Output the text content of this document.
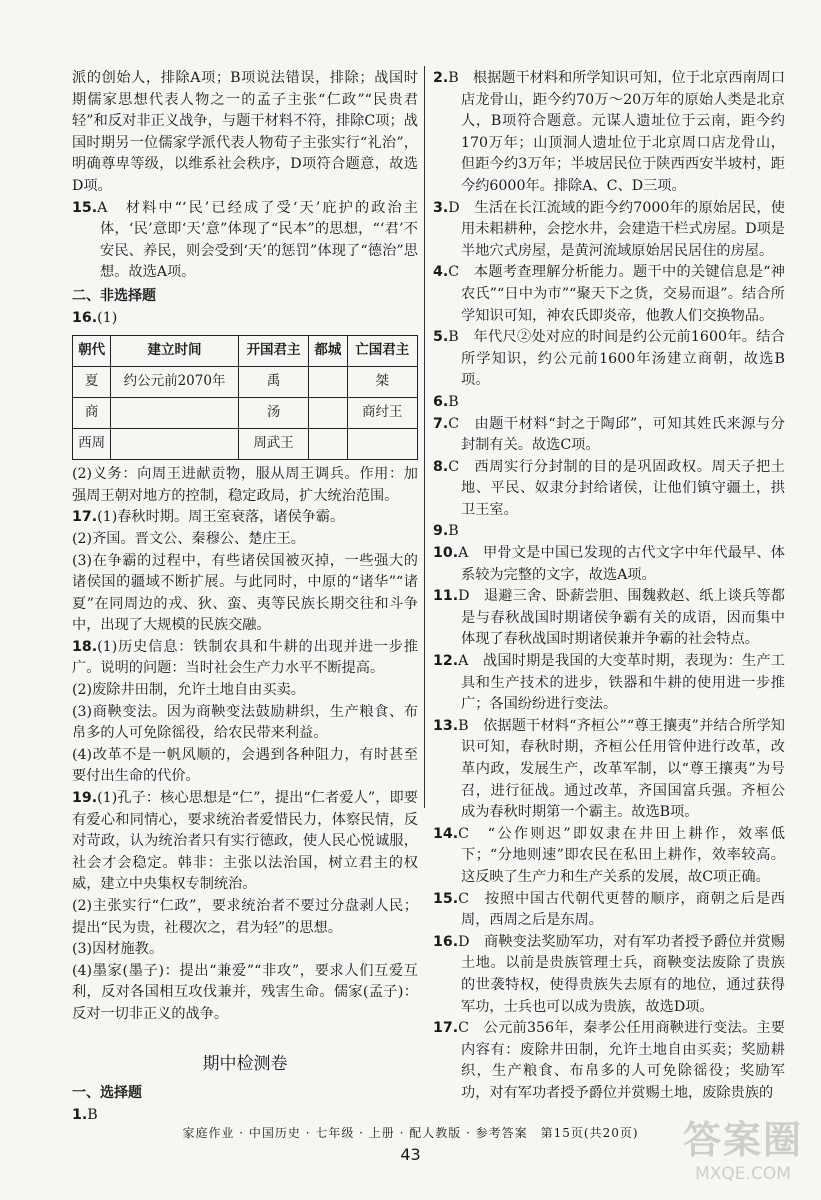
派的创始人，排除A项；B项说法错误，排除；战国时期儒家思想代表人物之一的孟子主张“仁政”“民贵君轻”和反对非正义战争，与题干材料不符，排除C项；战国时期另一位儒家学派代表人物荀子主张实行“礼治”，明确尊卑等级，以维系社会秩序，D项符合题意，故选D项。

15.A　材料中“‘民’已经成了受‘天’庇护的政治主体，‘民’意即‘天’意”体现了“民本”的思想，“‘君’不安民、养民，则会受到‘天’的惩罚”体现了“德治”思想。故选A项。

二、非选择题

16.(1)

朝代	建立时间	开国君主	都城	亡国君主
夏	约公元前2070年	禹		桀
商		汤		商纣王
西周		周武王		

(2)义务：向周王进献贡物，服从周王调兵。作用：加强周王朝对地方的控制，稳定政局，扩大统治范围。

17.(1)春秋时期。周王室衰落，诸侯争霸。

(2)齐国。晋文公、秦穆公、楚庄王。

(3)在争霸的过程中，有些诸侯国被灭掉，一些强大的诸侯国的疆域不断扩展。与此同时，中原的“诸华”“诸夏”在同周边的戎、狄、蛮、夷等民族长期交往和斗争中，出现了大规模的民族交融。

18.(1)历史信息：铁制农具和牛耕的出现并进一步推广。说明的问题：当时社会生产力水平不断提高。

(2)废除井田制，允许土地自由买卖。

(3)商鞅变法。因为商鞅变法鼓励耕织，生产粮食、布帛多的人可免除徭役，给农民带来利益。

(4)改革不是一帆风顺的，会遇到各种阻力，有时甚至要付出生命的代价。

19.(1)孔子：核心思想是“仁”，提出“仁者爱人”，即要有爱心和同情心，要求统治者爱惜民力，体察民情，反对苛政，认为统治者只有实行德政，使人民心悦诚服，社会才会稳定。韩非：主张以法治国，树立君主的权威，建立中央集权专制统治。

(2)主张实行“仁政”，要求统治者不要过分盘剥人民；提出“民为贵，社稷次之，君为轻”的思想。

(3)因材施教。

(4)墨家(墨子)：提出“兼爱”“非攻”，要求人们互爱互利，反对各国相互攻伐兼并，残害生命。儒家(孟子)：反对一切非正义的战争。

期中检测卷

一、选择题

1.B

2.B　根据题干材料和所学知识可知，位于北京西南周口店龙骨山，距今约70万～20万年的原始人类是北京人，B项符合题意。元谋人遗址位于云南，距今约170万年；山顶洞人遗址位于北京周口店龙骨山，但距今约3万年；半坡居民位于陕西西安半坡村，距今约6000年。排除A、C、D三项。

3.D　生活在长江流域的距今约7000年的原始居民，使用未耜耕种，会挖水井，会建造干栏式房屋。D项是半地穴式房屋，是黄河流域原始居民居住的房屋。

4.C　本题考查理解分析能力。题干中的关键信息是“神农氏”“日中为市”“聚天下之货，交易而退”。结合所学知识可知，神农氏即炎帝，他教人们交换物品。

5.B　年代尺②处对应的时间是约公元前1600年。结合所学知识，约公元前1600年汤建立商朝，故选B项。

6.B

7.C　由题干材料“封之于陶邱”，可知其姓氏来源与分封制有关。故选C项。

8.C　西周实行分封制的目的是巩固政权。周天子把土地、平民、奴隶分封给诸侯，让他们镇守疆土，拱卫王室。

9.B

10.A　甲骨文是中国已发现的古代文字中年代最早、体系较为完整的文字，故选A项。

11.D　退避三舍、卧薪尝胆、围魏救赵、纸上谈兵等都是与春秋战国时期诸侯争霸有关的成语，因而集中体现了春秋战国时期诸侯兼并争霸的社会特点。

12.A　战国时期是我国的大变革时期，表现为：生产工具和生产技术的进步，铁器和牛耕的使用进一步推广；各国纷纷进行变法。

13.B　依据题干材料“齐桓公”“尊王攘夷”并结合所学知识可知，春秋时期，齐桓公任用管仲进行改革，改革内政，发展生产，改革军制，以“尊王攘夷”为号召，进行征战。通过改革，齐国国富兵强。齐桓公成为春秋时期第一个霸主。故选B项。

14.C　“公作则迟”即奴隶在井田上耕作，效率低下；“分地则速”即农民在私田上耕作，效率较高。这反映了生产力和生产关系的发展，故C项正确。

15.C　按照中国古代朝代更替的顺序，商朝之后是西周，西周之后是东周。

16.D　商鞅变法奖励军功，对有军功者授予爵位并赏赐土地。以前是贵族管理士兵，商鞅变法废除了贵族的世袭特权，使得贵族失去原有的地位，通过获得军功，士兵也可以成为贵族，故选D项。

17.C　公元前356年，秦孝公任用商鞅进行变法。主要内容有：废除井田制，允许土地自由买卖；奖励耕织，生产粮食、布帛多的人可免除徭役；奖励军功，对有军功者授予爵位并赏赐土地，废除贵族的

家庭作业 · 中国历史 · 七年级 · 上册 · 配人教版 · 参考答案　第15页(共20页)
43	答案圈
MXQE.COM
